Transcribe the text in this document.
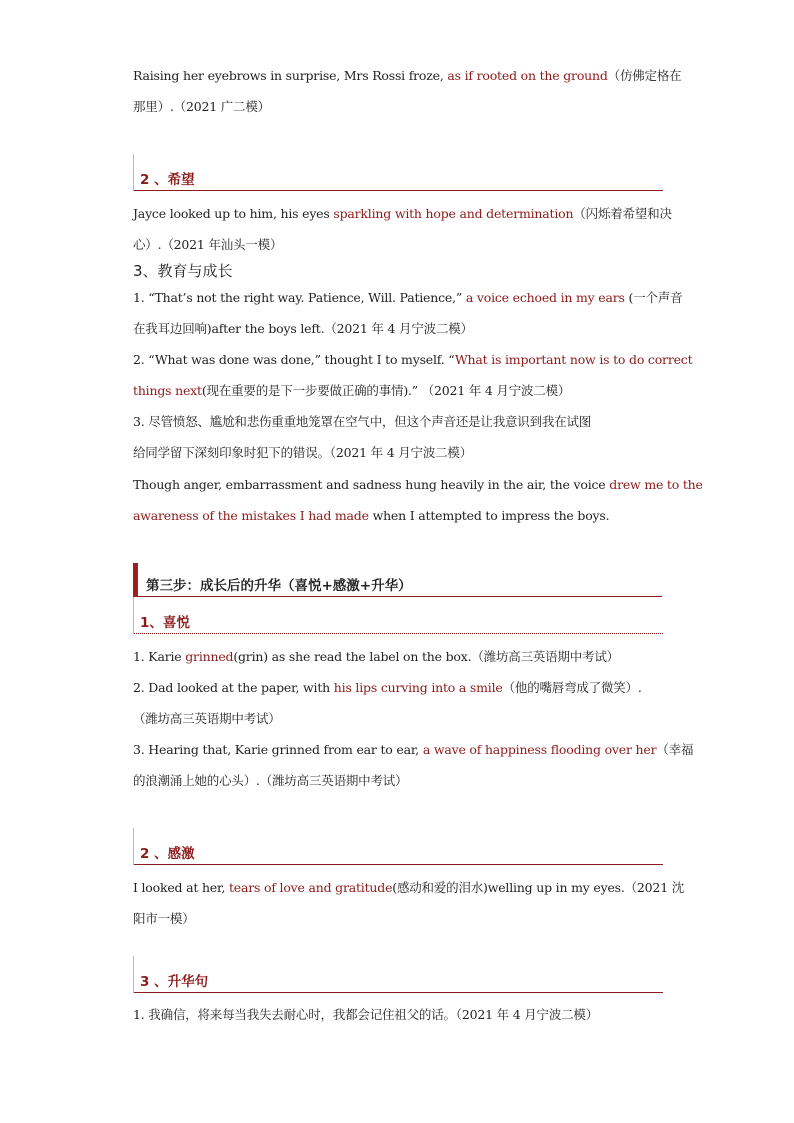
Raising her eyebrows in surprise, Mrs Rossi froze, as if rooted on the ground（仿佛定格在
那里）.（2021 广二模）
2 、希望
Jayce looked up to him, his eyes sparkling with hope and determination（闪烁着希望和决
心）.（2021 年汕头一模）
3、教育与成长
1. “That’s not the right way. Patience, Will. Patience,” a voice echoed in my ears (一个声音
在我耳边回响)after the boys left.（2021 年 4 月宁波二模）
2. “What was done was done,” thought I to myself. “What is important now is to do correct
things next(现在重要的是下一步要做正确的事情).” （2021 年 4 月宁波二模）
3. 尽管愤怒、尴尬和悲伤重重地笼罩在空气中，但这个声音还是让我意识到我在试图
给同学留下深刻印象时犯下的错误。（2021 年 4 月宁波二模）
Though anger, embarrassment and sadness hung heavily in the air, the voice drew me to the
awareness of the mistakes I had made when I attempted to impress the boys.
第三步：成长后的升华（喜悦+感激+升华）
1、喜悦
1. Karie grinned(grin) as she read the label on the box.（潍坊高三英语期中考试）
2. Dad looked at the paper, with his lips curving into a smile（他的嘴唇弯成了微笑）.
（潍坊高三英语期中考试）
3. Hearing that, Karie grinned from ear to ear, a wave of happiness flooding over her（幸福
的浪潮涌上她的心头）.（潍坊高三英语期中考试）
2 、感激
I looked at her, tears of love and gratitude(感动和爱的泪水)welling up in my eyes.（2021 沈
阳市一模）
3 、升华句
1. 我确信，将来每当我失去耐心时，我都会记住祖父的话。（2021 年 4 月宁波二模）
